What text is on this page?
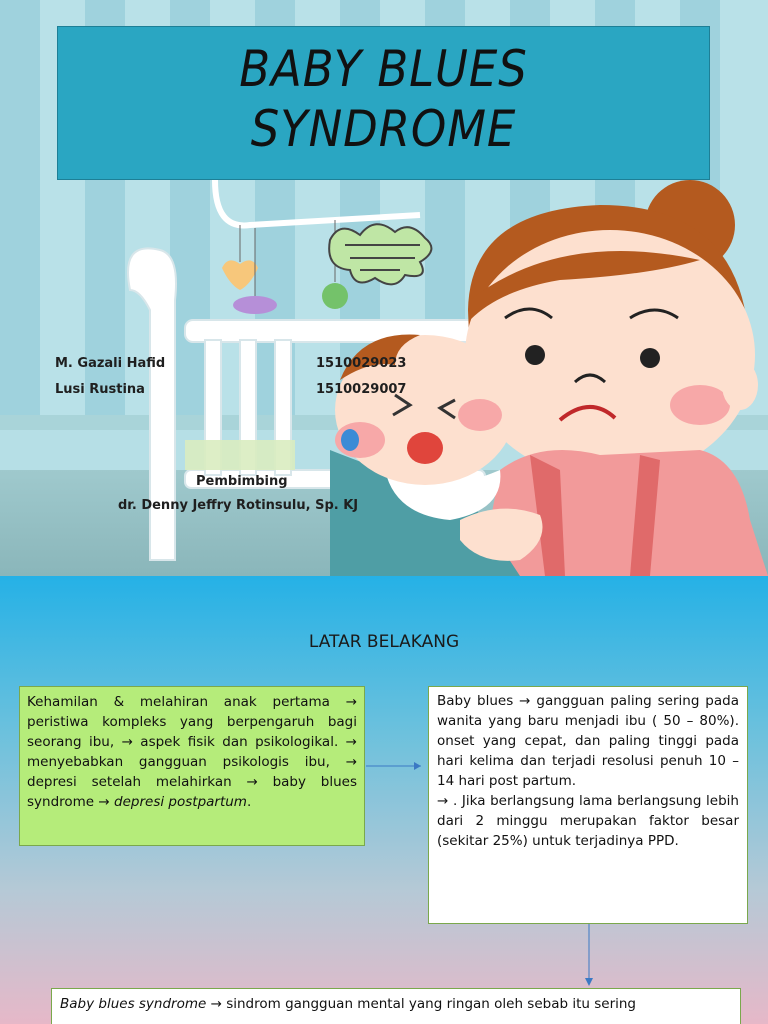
BABY BLUES
SYNDROME
M. Gazali Hafid	1510029023
Lusi Rustina	1510029007
Pembimbing
dr. Denny Jeffry Rotinsulu, Sp. KJ
LATAR BELAKANG

Kehamilan & melahiran anak pertama → peristiwa kompleks yang berpengaruh bagi seorang ibu, → aspek fisik dan psikologikal. → menyebabkan gangguan psikologis ibu, → depresi setelah melahirkan → baby blues syndrome → depresi postpartum.

Baby blues → gangguan paling sering pada wanita yang baru menjadi ibu ( 50 – 80%). onset yang cepat, dan paling tinggi pada hari kelima dan terjadi resolusi penuh 10 – 14 hari post partum.

→ . Jika berlangsung lama berlangsung lebih dari 2 minggu merupakan faktor besar (sekitar 25%) untuk terjadinya PPD.

Baby blues syndrome → sindrom gangguan mental yang ringan oleh sebab itu sering
